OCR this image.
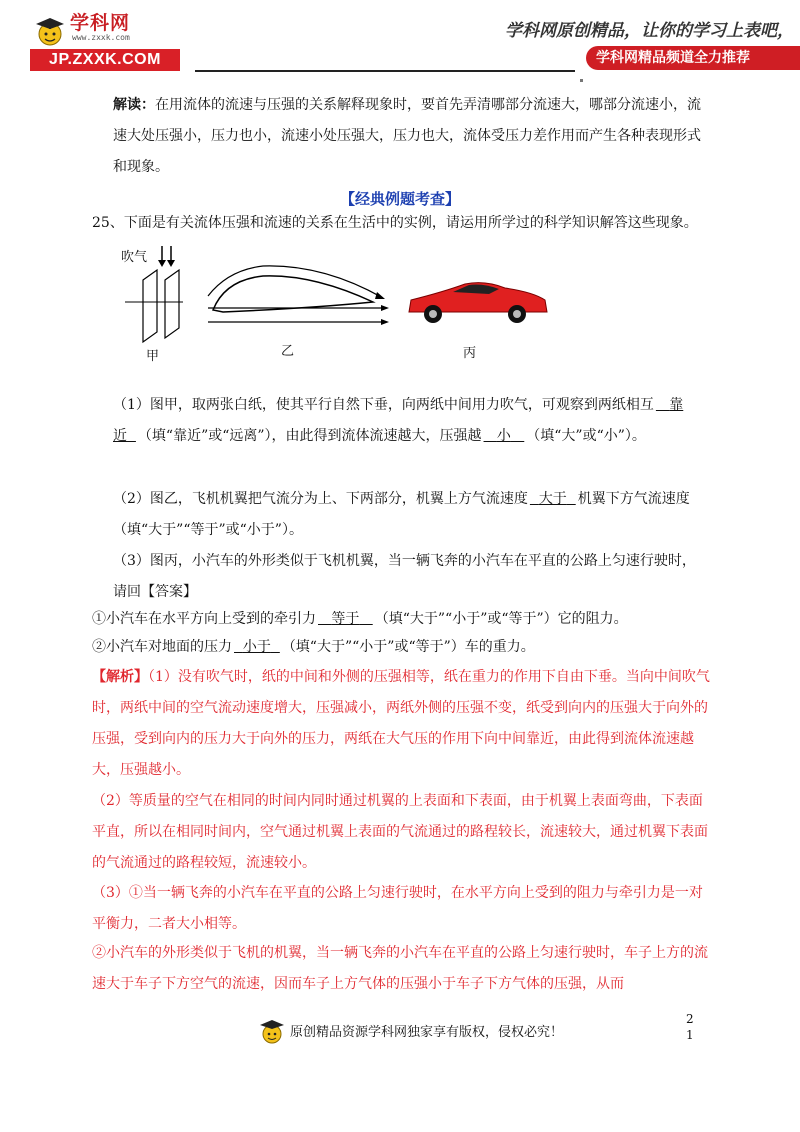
学科网
www.zxxk.com
JP.ZXXK.COM
学科网原创精品，让你的学习上表吧，
学科网精品频道全力推荐
解读：在用流体的流速与压强的关系解释现象时，要首先弄清哪部分流速大，哪部分流速小，流速大处压强小，压力也小，流速小处压强大，压力也大，流体受压力差作用而产生各种表现形式和现象。
【经典例题考查】
25、下面是有关流体压强和流速的关系在生活中的实例，请运用所学过的科学知识解答这些现象。
吹气
甲	乙	丙
（1）图甲，取两张白纸，使其平行自然下垂，向两纸中间用力吹气，可观察到两纸相互 靠近 （填“靠近”或“远离”），由此得到流体流速越大，压强越 小 （填“大”或“小”）。
（2）图乙，飞机机翼把气流分为上、下两部分，机翼上方气流速度 大于 机翼下方气流速度（填“大于”“等于”或“小于”）。
（3）图丙，小汽车的外形类似于飞机机翼，当一辆飞奔的小汽车在平直的公路上匀速行驶时，请回【答案】
①小汽车在水平方向上受到的牵引力 等于 （填“大于”“小于”或“等于”）它的阻力。
②小汽车对地面的压力 小于 （填“大于”“小于”或“等于”）车的重力。
【解析】（1）没有吹气时，纸的中间和外侧的压强相等，纸在重力的作用下自由下垂。当向中间吹气时，两纸中间的空气流动速度增大，压强减小，两纸外侧的压强不变，纸受到向内的压强大于向外的压强，受到向内的压力大于向外的压力，两纸在大气压的作用下向中间靠近，由此得到流体流速越大，压强越小。
（2）等质量的空气在相同的时间内同时通过机翼的上表面和下表面，由于机翼上表面弯曲，下表面平直，所以在相同时间内，空气通过机翼上表面的气流通过的路程较长，流速较大，通过机翼下表面的气流通过的路程较短，流速较小。
（3）①当一辆飞奔的小汽车在平直的公路上匀速行驶时，在水平方向上受到的阻力与牵引力是一对平衡力，二者大小相等。
②小汽车的外形类似于飞机的机翼，当一辆飞奔的小汽车在平直的公路上匀速行驶时，车子上方的流速大于车子下方空气的流速，因而车子上方气体的压强小于车子下方气体的压强，从而
原创精品资源学科网独家享有版权，侵权必究！
2
1
